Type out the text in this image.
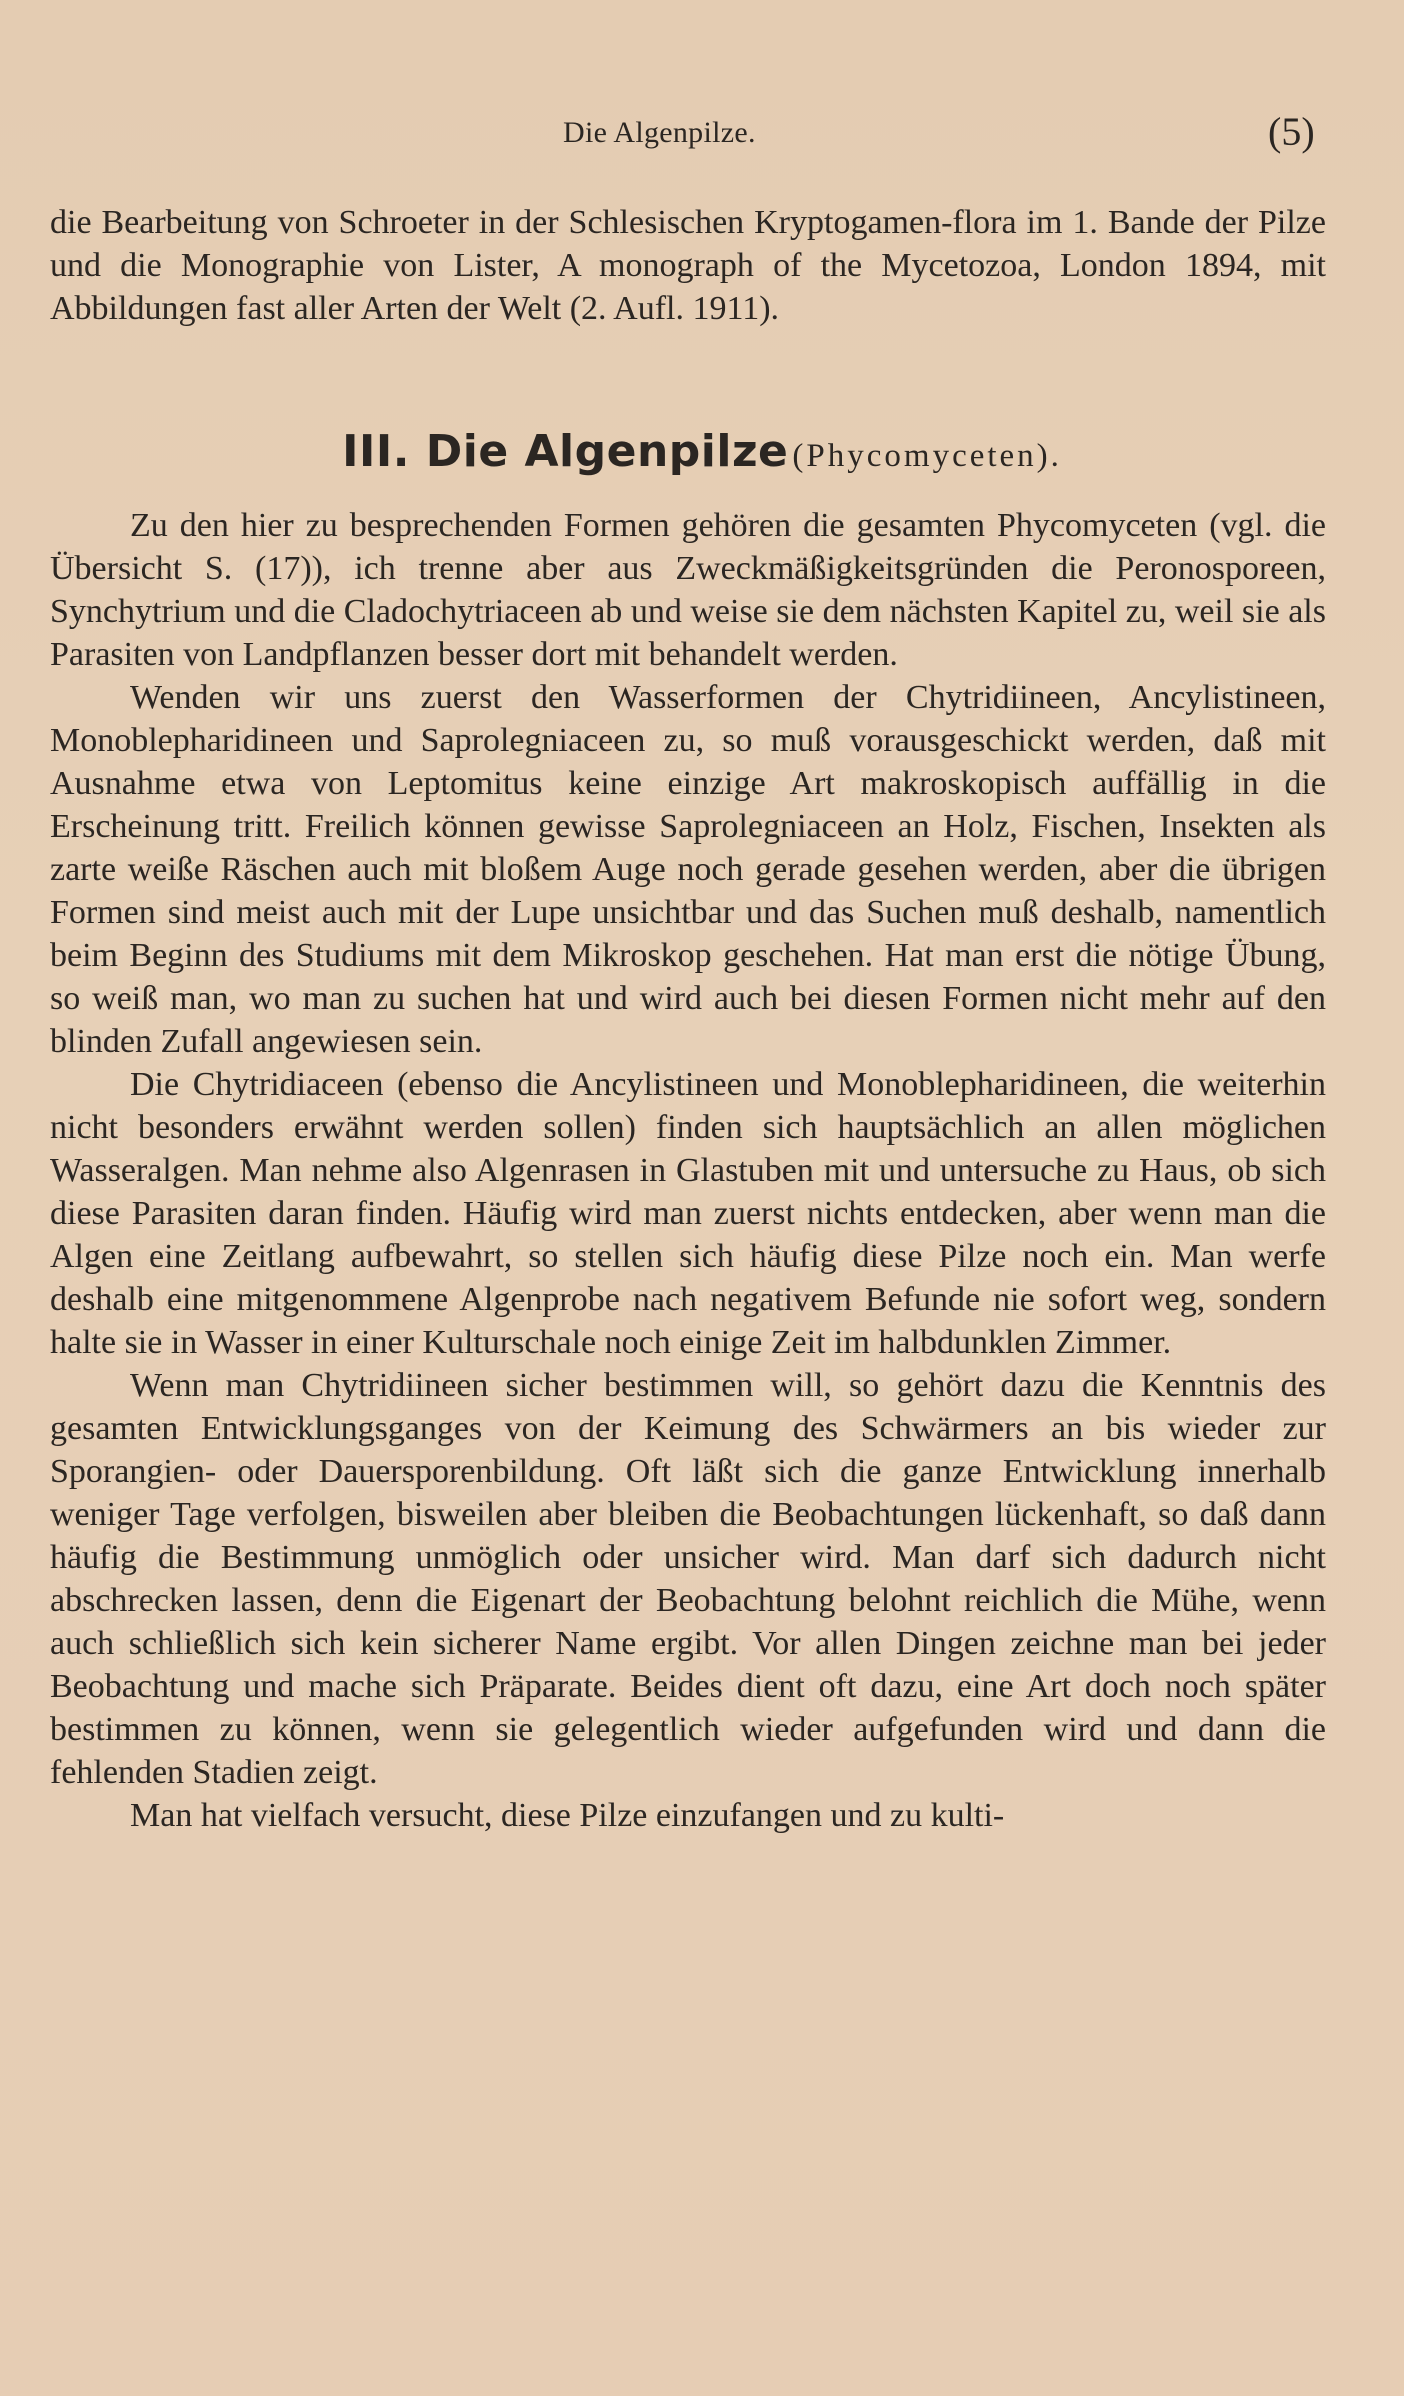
Die Algenpilze.	(5)

die Bearbeitung von Schroeter in der Schlesischen Kryptogamen-flora im 1. Bande der Pilze und die Monographie von Lister, A monograph of the Mycetozoa, London 1894, mit Abbildungen fast aller Arten der Welt (2. Aufl. 1911).

III. Die Algenpilze (Phycomyceten).

Zu den hier zu besprechenden Formen gehören die gesamten Phycomyceten (vgl. die Übersicht S. (17)), ich trenne aber aus Zweckmäßigkeitsgründen die Peronosporeen, Synchytrium und die Cladochytriaceen ab und weise sie dem nächsten Kapitel zu, weil sie als Parasiten von Landpflanzen besser dort mit behandelt werden.

Wenden wir uns zuerst den Wasserformen der Chytridiineen, Ancylistineen, Monoblepharidineen und Saprolegniaceen zu, so muß vorausgeschickt werden, daß mit Ausnahme etwa von Leptomitus keine einzige Art makroskopisch auffällig in die Erscheinung tritt. Freilich können gewisse Saprolegniaceen an Holz, Fischen, Insekten als zarte weiße Räschen auch mit bloßem Auge noch gerade gesehen werden, aber die übrigen Formen sind meist auch mit der Lupe unsichtbar und das Suchen muß deshalb, namentlich beim Beginn des Studiums mit dem Mikroskop geschehen. Hat man erst die nötige Übung, so weiß man, wo man zu suchen hat und wird auch bei diesen Formen nicht mehr auf den blinden Zufall angewiesen sein.

Die Chytridiaceen (ebenso die Ancylistineen und Monoblepharidineen, die weiterhin nicht besonders erwähnt werden sollen) finden sich hauptsächlich an allen möglichen Wasseralgen. Man nehme also Algenrasen in Glastuben mit und untersuche zu Haus, ob sich diese Parasiten daran finden. Häufig wird man zuerst nichts entdecken, aber wenn man die Algen eine Zeitlang aufbewahrt, so stellen sich häufig diese Pilze noch ein. Man werfe deshalb eine mitgenommene Algenprobe nach negativem Befunde nie sofort weg, sondern halte sie in Wasser in einer Kulturschale noch einige Zeit im halbdunklen Zimmer.

Wenn man Chytridiineen sicher bestimmen will, so gehört dazu die Kenntnis des gesamten Entwicklungsganges von der Keimung des Schwärmers an bis wieder zur Sporangien- oder Dauersporenbildung. Oft läßt sich die ganze Entwicklung innerhalb weniger Tage verfolgen, bisweilen aber bleiben die Beobachtungen lückenhaft, so daß dann häufig die Bestimmung unmöglich oder unsicher wird. Man darf sich dadurch nicht abschrecken lassen, denn die Eigenart der Beobachtung belohnt reichlich die Mühe, wenn auch schließlich sich kein sicherer Name ergibt. Vor allen Dingen zeichne man bei jeder Beobachtung und mache sich Präparate. Beides dient oft dazu, eine Art doch noch später bestimmen zu können, wenn sie gelegentlich wieder aufgefunden wird und dann die fehlenden Stadien zeigt.

Man hat vielfach versucht, diese Pilze einzufangen und zu kulti-
